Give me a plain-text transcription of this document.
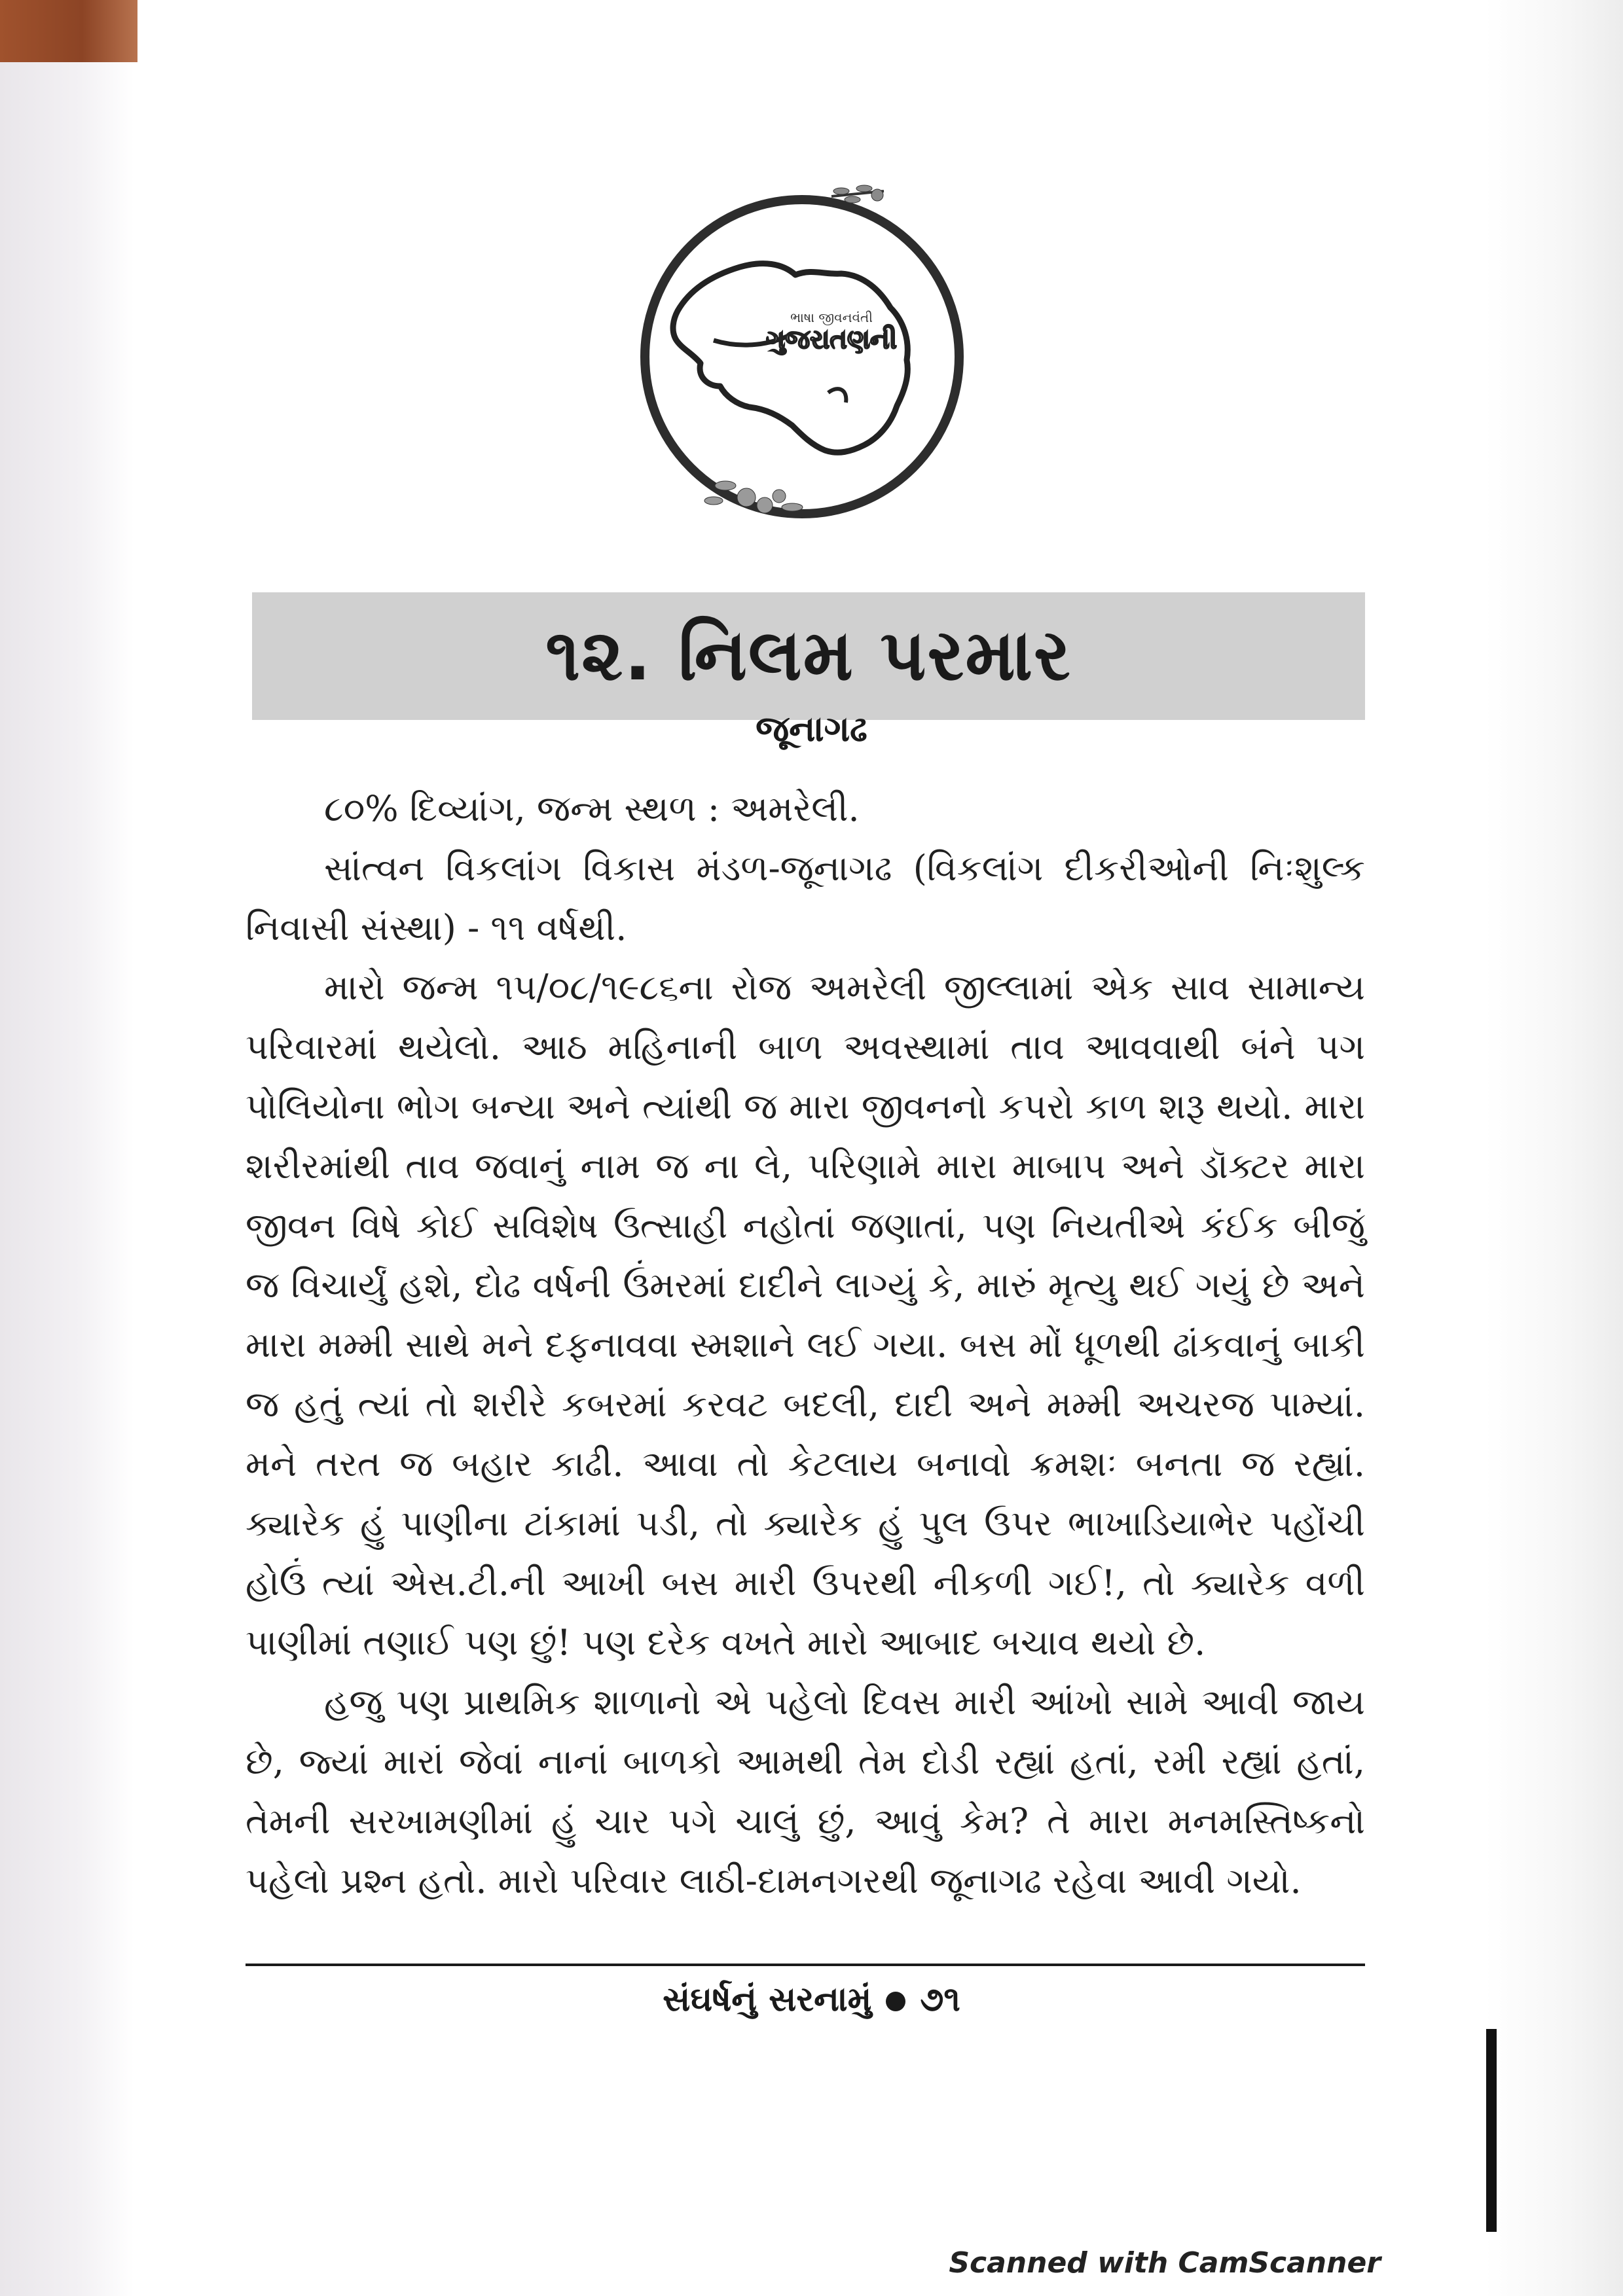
ભાષા જીવનવંતી
ગુજરાતણની
૧૨. નિલમ પરમાર
જૂનાગઢ

૮૦% દિવ્યાંગ, જન્મ સ્થળ : અમરેલી.

સાંત્વન વિકલાંગ વિકાસ મંડળ-જૂનાગઢ (વિકલાંગ દીકરીઓની નિઃશુલ્ક નિવાસી સંસ્થા) - ૧૧ વર્ષથી.

મારો જન્મ ૧૫/૦૮/૧૯૮૬ના રોજ અમરેલી જીલ્લામાં એક સાવ સામાન્ય પરિવારમાં થયેલો. આઠ મહિનાની બાળ અવસ્થામાં તાવ આવવાથી બંને પગ પોલિયોના ભોગ બન્યા અને ત્યાંથી જ મારા જીવનનો કપરો કાળ શરૂ થયો. મારા શરીરમાંથી તાવ જવાનું નામ જ ના લે, પરિણામે મારા માબાપ અને ડૉક્ટર મારા જીવન વિષે કોઈ સવિશેષ ઉત્સાહી નહોતાં જણાતાં, પણ નિયતીએ કંઈક બીજું જ વિચાર્યું હશે, દોઢ વર્ષની ઉંમરમાં દાદીને લાગ્યું કે, મારું મૃત્યુ થઈ ગયું છે અને મારા મમ્મી સાથે મને દફનાવવા સ્મશાને લઈ ગયા. બસ મોં ધૂળથી ઢાંકવાનું બાકી જ હતું ત્યાં તો શરીરે કબરમાં કરવટ બદલી, દાદી અને મમ્મી અચરજ પામ્યાં. મને તરત જ બહાર કાઢી. આવા તો કેટલાય બનાવો ક્રમશઃ બનતા જ રહ્યાં. ક્યારેક હું પાણીના ટાંકામાં પડી, તો ક્યારેક હું પુલ ઉપર ભાખાડિયાભેર પહોંચી હોઉં ત્યાં એસ.ટી.ની આખી બસ મારી ઉપરથી નીકળી ગઈ!, તો ક્યારેક વળી પાણીમાં તણાઈ પણ છું! પણ દરેક વખતે મારો આબાદ બચાવ થયો છે.

હજુ પણ પ્રાથમિક શાળાનો એ પહેલો દિવસ મારી આંખો સામે આવી જાય છે, જ્યાં મારાં જેવાં નાનાં બાળકો આમથી તેમ દોડી રહ્યાં હતાં, રમી રહ્યાં હતાં, તેમની સરખામણીમાં હું ચાર પગે ચાલું છું, આવું કેમ? તે મારા મનમસ્તિષ્કનો પહેલો પ્રશ્ન હતો. મારો પરિવાર લાઠી-દામનગરથી જૂનાગઢ રહેવા આવી ગયો.

સંઘર્ષનું સરનામું ૭૧
Scanned with CamScanner
